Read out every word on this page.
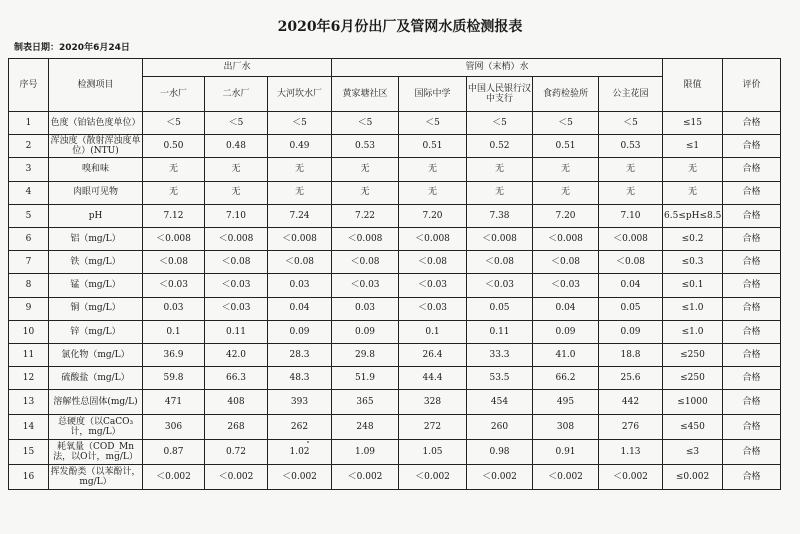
2020年6月份出厂及管网水质检测报表
制表日期：2020年6月24日
序号	检测项目	出厂水			管网（末梢）水					限值	评价
		一水厂	二水厂	大河坎水厂	黄家塘社区	国际中学	中国人民银行汉中支行	食药检验所	公主花园		
1	色度（铂钴色度单位）	＜5	＜5	＜5	＜5	＜5	＜5	＜5	＜5	≤15	合格
2	浑浊度（散射浑浊度单位）(NTU)	0.50	0.48	0.49	0.53	0.51	0.52	0.51	0.53	≤1	合格
3	嗅和味	无	无	无	无	无	无	无	无	无	合格
4	肉眼可见物	无	无	无	无	无	无	无	无	无	合格
5	pH	7.12	7.10	7.24	7.22	7.20	7.38	7.20	7.10	6.5≤pH≤8.5	合格
6	铝（mg/L）	＜0.008	＜0.008	＜0.008	＜0.008	＜0.008	＜0.008	＜0.008	＜0.008	≤0.2	合格
7	铁（mg/L）	＜0.08	＜0.08	＜0.08	＜0.08	＜0.08	＜0.08	＜0.08	＜0.08	≤0.3	合格
8	锰（mg/L）	＜0.03	＜0.03	0.03	＜0.03	＜0.03	＜0.03	＜0.03	0.04	≤0.1	合格
9	铜（mg/L）	0.03	＜0.03	0.04	0.03	＜0.03	0.05	0.04	0.05	≤1.0	合格
10	锌（mg/L）	0.1	0.11	0.09	0.09	0.1	0.11	0.09	0.09	≤1.0	合格
11	氯化物（mg/L）	36.9	42.0	28.3	29.8	26.4	33.3	41.0	18.8	≤250	合格
12	硫酸盐（mg/L）	59.8	66.3	48.3	51.9	44.4	53.5	66.2	25.6	≤250	合格
13	溶解性总固体(mg/L)	471	408	393	365	328	454	495	442	≤1000	合格
14	总硬度（以CaCO₃计，mg/L）	306	268	262	248	272	260	308	276	≤450	合格
15	耗氧量（COD_Mn法，以O计，mg/L）	0.87	0.72	1.02	1.09	1.05	0.98	0.91	1.13	≤3	合格
16	挥发酚类（以苯酚计，mg/L）	＜0.002	＜0.002	＜0.002	＜0.002	＜0.002	＜0.002	＜0.002	＜0.002	≤0.002	合格
